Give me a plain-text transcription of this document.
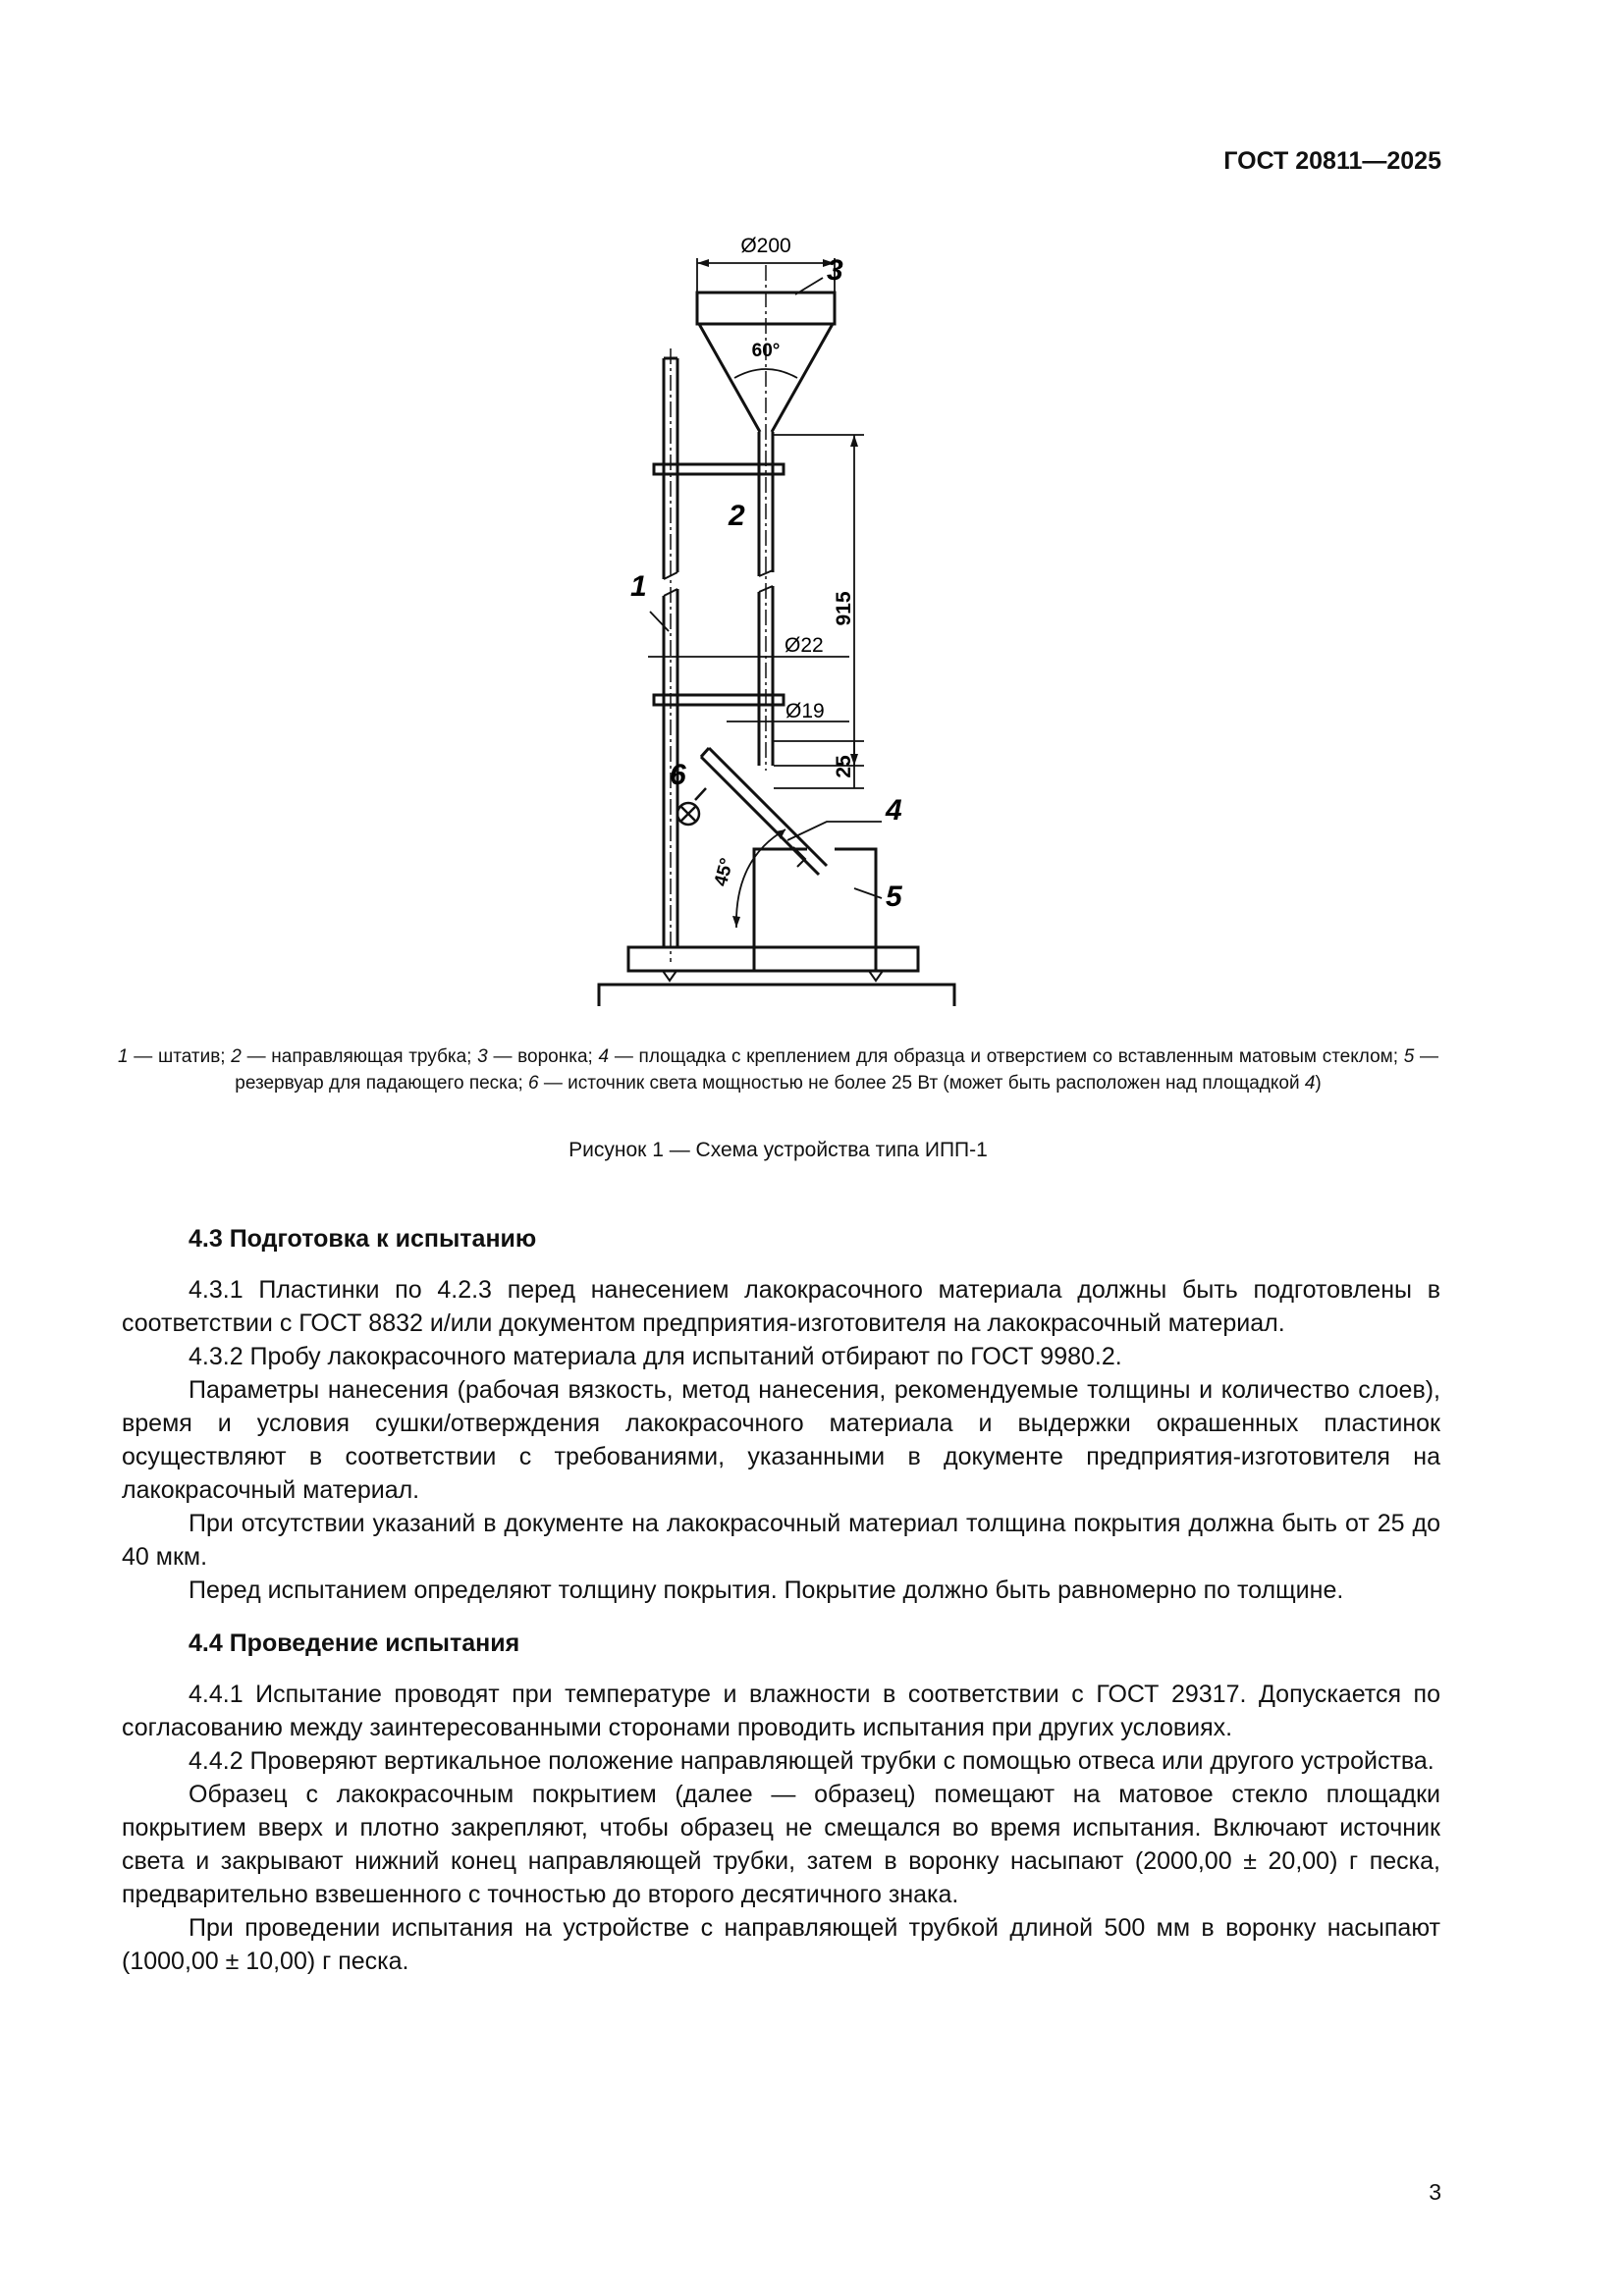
ГОСТ 20811—2025
Ø200
60°
Ø22
Ø19
915
25
45°
1
2
3
4
5
6
1 — штатив; 2 — направляющая трубка; 3 — воронка; 4 — площадка с креплением для образца и отверстием со вставленным матовым стеклом; 5 — резервуар для падающего песка; 6 — источник света мощностью не более 25 Вт (может быть расположен над площадкой 4)
Рисунок 1 — Схема устройства типа ИПП-1
4.3 Подготовка к испытанию

4.3.1 Пластинки по 4.2.3 перед нанесением лакокрасочного материала должны быть подготовлены в соответствии с ГОСТ 8832 и/или документом предприятия-изготовителя на лакокрасочный материал.

4.3.2 Пробу лакокрасочного материала для испытаний отбирают по ГОСТ 9980.2.

Параметры нанесения (рабочая вязкость, метод нанесения, рекомендуемые толщины и количество слоев), время и условия сушки/отверждения лакокрасочного материала и выдержки окрашенных пластинок осуществляют в соответствии с требованиями, указанными в документе предприятия-изготовителя на лакокрасочный материал.

При отсутствии указаний в документе на лакокрасочный материал толщина покрытия должна быть от 25 до 40 мкм.

Перед испытанием определяют толщину покрытия. Покрытие должно быть равномерно по толщине.

4.4 Проведение испытания

4.4.1 Испытание проводят при температуре и влажности в соответствии с ГОСТ 29317. Допускается по согласованию между заинтересованными сторонами проводить испытания при других условиях.

4.4.2 Проверяют вертикальное положение направляющей трубки с помощью отвеса или другого устройства.

Образец с лакокрасочным покрытием (далее — образец) помещают на матовое стекло площадки покрытием вверх и плотно закрепляют, чтобы образец не смещался во время испытания. Включают источник света и закрывают нижний конец направляющей трубки, затем в воронку насыпают (2000,00 ± 20,00) г песка, предварительно взвешенного с точностью до второго десятичного знака.

При проведении испытания на устройстве с направляющей трубкой длиной 500 мм в воронку насыпают (1000,00 ± 10,00) г песка.

3
